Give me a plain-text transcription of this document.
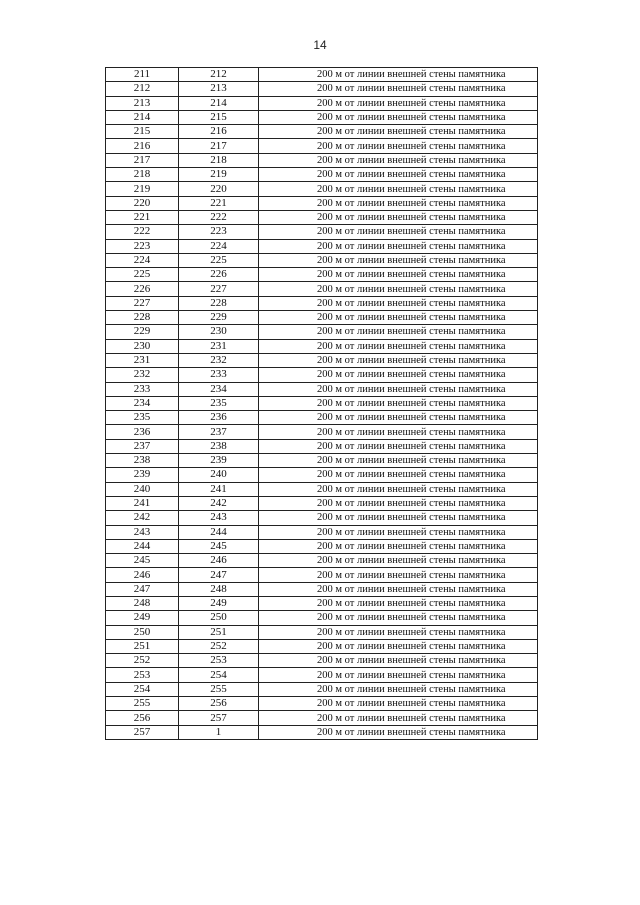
14
211	212	200 м от линии внешней стены памятника
212	213	200 м от линии внешней стены памятника
213	214	200 м от линии внешней стены памятника
214	215	200 м от линии внешней стены памятника
215	216	200 м от линии внешней стены памятника
216	217	200 м от линии внешней стены памятника
217	218	200 м от линии внешней стены памятника
218	219	200 м от линии внешней стены памятника
219	220	200 м от линии внешней стены памятника
220	221	200 м от линии внешней стены памятника
221	222	200 м от линии внешней стены памятника
222	223	200 м от линии внешней стены памятника
223	224	200 м от линии внешней стены памятника
224	225	200 м от линии внешней стены памятника
225	226	200 м от линии внешней стены памятника
226	227	200 м от линии внешней стены памятника
227	228	200 м от линии внешней стены памятника
228	229	200 м от линии внешней стены памятника
229	230	200 м от линии внешней стены памятника
230	231	200 м от линии внешней стены памятника
231	232	200 м от линии внешней стены памятника
232	233	200 м от линии внешней стены памятника
233	234	200 м от линии внешней стены памятника
234	235	200 м от линии внешней стены памятника
235	236	200 м от линии внешней стены памятника
236	237	200 м от линии внешней стены памятника
237	238	200 м от линии внешней стены памятника
238	239	200 м от линии внешней стены памятника
239	240	200 м от линии внешней стены памятника
240	241	200 м от линии внешней стены памятника
241	242	200 м от линии внешней стены памятника
242	243	200 м от линии внешней стены памятника
243	244	200 м от линии внешней стены памятника
244	245	200 м от линии внешней стены памятника
245	246	200 м от линии внешней стены памятника
246	247	200 м от линии внешней стены памятника
247	248	200 м от линии внешней стены памятника
248	249	200 м от линии внешней стены памятника
249	250	200 м от линии внешней стены памятника
250	251	200 м от линии внешней стены памятника
251	252	200 м от линии внешней стены памятника
252	253	200 м от линии внешней стены памятника
253	254	200 м от линии внешней стены памятника
254	255	200 м от линии внешней стены памятника
255	256	200 м от линии внешней стены памятника
256	257	200 м от линии внешней стены памятника
257	1	200 м от линии внешней стены памятника
